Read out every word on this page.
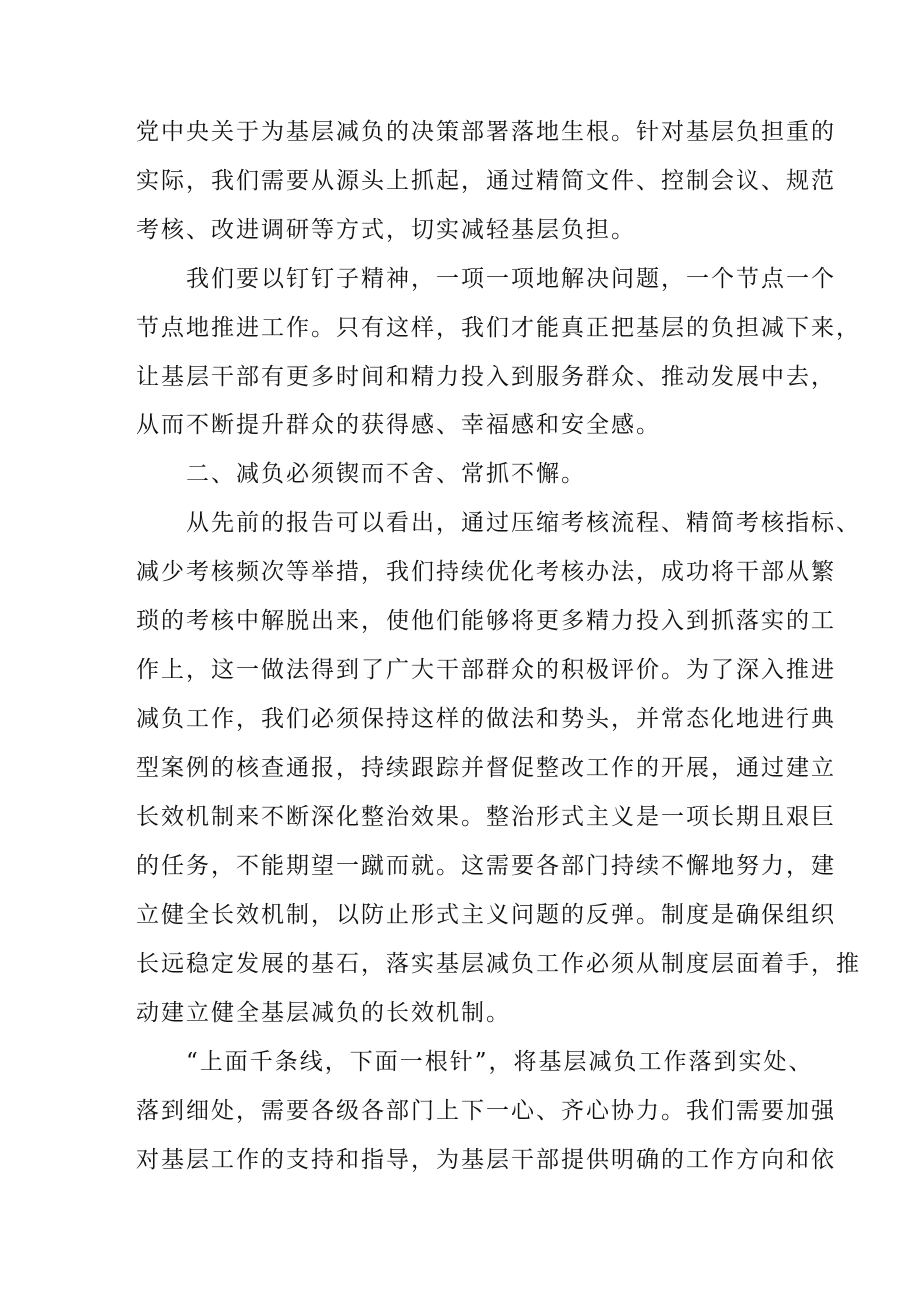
党中央关于为基层减负的决策部署落地生根。针对基层负担重的
实际，我们需要从源头上抓起，通过精简文件、控制会议、规范
考核、改进调研等方式，切实减轻基层负担。
　　我们要以钉钉子精神，一项一项地解决问题，一个节点一个
节点地推进工作。只有这样，我们才能真正把基层的负担减下来，
让基层干部有更多时间和精力投入到服务群众、推动发展中去，
从而不断提升群众的获得感、幸福感和安全感。
　　二、减负必须锲而不舍、常抓不懈。
　　从先前的报告可以看出，通过压缩考核流程、精简考核指标、
减少考核频次等举措，我们持续优化考核办法，成功将干部从繁
琐的考核中解脱出来，使他们能够将更多精力投入到抓落实的工
作上，这一做法得到了广大干部群众的积极评价。为了深入推进
减负工作，我们必须保持这样的做法和势头，并常态化地进行典
型案例的核查通报，持续跟踪并督促整改工作的开展，通过建立
长效机制来不断深化整治效果。整治形式主义是一项长期且艰巨
的任务，不能期望一蹴而就。这需要各部门持续不懈地努力，建
立健全长效机制，以防止形式主义问题的反弹。制度是确保组织
长远稳定发展的基石，落实基层减负工作必须从制度层面着手，推
动建立健全基层减负的长效机制。
　　“上面千条线，下面一根针”，将基层减负工作落到实处、
落到细处，需要各级各部门上下一心、齐心协力。我们需要加强
对基层工作的支持和指导，为基层干部提供明确的工作方向和依
